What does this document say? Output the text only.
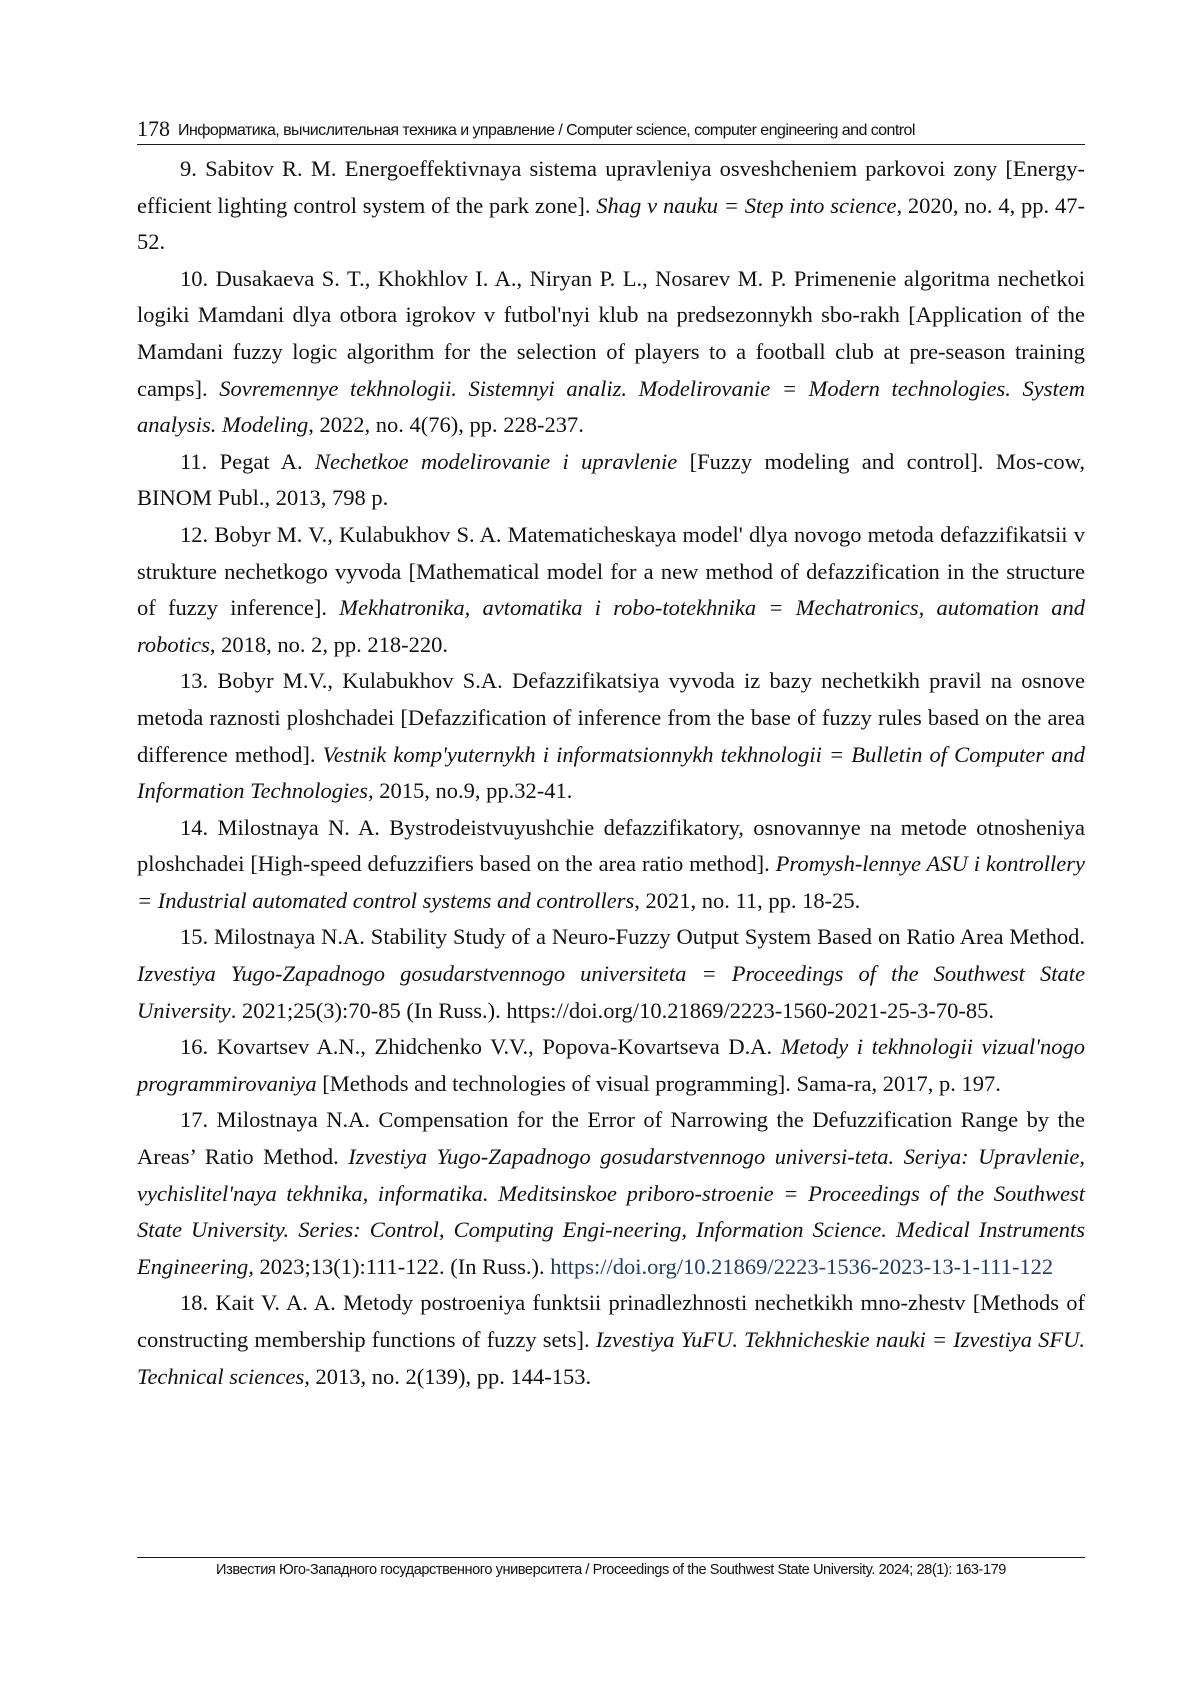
178 Информатика, вычислительная техника и управление / Computer science, computer engineering and control

9. Sabitov R. M. Energoeffektivnaya sistema upravleniya osveshcheniem parkovoi zony [Energy-efficient lighting control system of the park zone]. Shag v nauku = Step into science, 2020, no. 4, pp. 47-52.

10. Dusakaeva S. T., Khokhlov I. A., Niryan P. L., Nosarev M. P. Primenenie algoritma nechetkoi logiki Mamdani dlya otbora igrokov v futbol'nyi klub na predsezonnykh sbo-rakh [Application of the Mamdani fuzzy logic algorithm for the selection of players to a football club at pre-season training camps]. Sovremennye tekhnologii. Sistemnyi analiz. Modelirovanie = Modern technologies. System analysis. Modeling, 2022, no. 4(76), pp. 228-237.

11. Pegat A. Nechetkoe modelirovanie i upravlenie [Fuzzy modeling and control]. Mos-cow, BINOM Publ., 2013, 798 p.

12. Bobyr M. V., Kulabukhov S. A. Matematicheskaya model' dlya novogo metoda defazzifikatsii v strukture nechetkogo vyvoda [Mathematical model for a new method of defazzification in the structure of fuzzy inference]. Mekhatronika, avtomatika i robo-totekhnika = Mechatronics, automation and robotics, 2018, no. 2, pp. 218-220.

13. Bobyr M.V., Kulabukhov S.A. Defazzifikatsiya vyvoda iz bazy nechetkikh pravil na osnove metoda raznosti ploshchadei [Defazzification of inference from the base of fuzzy rules based on the area difference method]. Vestnik komp'yuternykh i informatsionnykh tekhnologii = Bulletin of Computer and Information Technologies, 2015, no.9, pp.32-41.

14. Milostnaya N. A. Bystrodeistvuyushchie defazzifikatory, osnovannye na metode otnosheniya ploshchadei [High-speed defuzzifiers based on the area ratio method]. Promysh-lennye ASU i kontrollery = Industrial automated control systems and controllers, 2021, no. 11, pp. 18-25.

15. Milostnaya N.A. Stability Study of a Neuro-Fuzzy Output System Based on Ratio Area Method. Izvestiya Yugo-Zapadnogo gosudarstvennogo universiteta = Proceedings of the Southwest State University. 2021;25(3):70-85 (In Russ.). https://doi.org/10.21869/2223-1560-2021-25-3-70-85.

16. Kovartsev A.N., Zhidchenko V.V., Popova-Kovartseva D.A. Metody i tekhnologii vizual'nogo programmirovaniya [Methods and technologies of visual programming]. Sama-ra, 2017, p. 197.

17. Milostnaya N.A. Compensation for the Error of Narrowing the Defuzzification Range by the Areas’ Ratio Method. Izvestiya Yugo-Zapadnogo gosudarstvennogo universi-teta. Seriya: Upravlenie, vychislitel'naya tekhnika, informatika. Meditsinskoe priboro-stroenie = Proceedings of the Southwest State University. Series: Control, Computing Engi-neering, Information Science. Medical Instruments Engineering, 2023;13(1):111-122. (In Russ.). https://doi.org/10.21869/2223-1536-2023-13-1-111-122

18. Kait V. A. A. Metody postroeniya funktsii prinadlezhnosti nechetkikh mno-zhestv [Methods of constructing membership functions of fuzzy sets]. Izvestiya YuFU. Tekhnicheskie nauki = Izvestiya SFU. Technical sciences, 2013, no. 2(139), pp. 144-153.

Известия Юго-Западного государственного университета / Proceedings of the Southwest State University. 2024; 28(1): 163-179
